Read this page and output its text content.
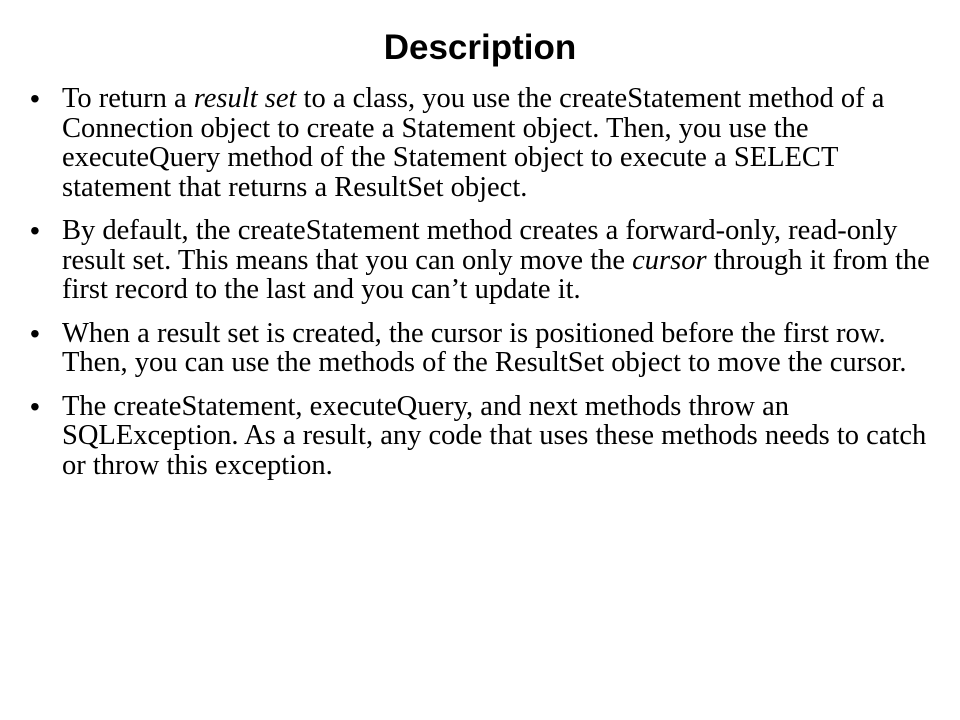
Description
• To return a result set to a class, you use the createStatement method of a Connection object to create a Statement object. Then, you use the executeQuery method of the Statement object to execute a SELECT statement that returns a ResultSet object.
• By default, the createStatement method creates a forward-only, read-only result set. This means that you can only move the cursor through it from the first record to the last and you can’t update it.
• When a result set is created, the cursor is positioned before the first row. Then, you can use the methods of the ResultSet object to move the cursor.
• The createStatement, executeQuery, and next methods throw an SQLException. As a result, any code that uses these methods needs to catch or throw this exception.
